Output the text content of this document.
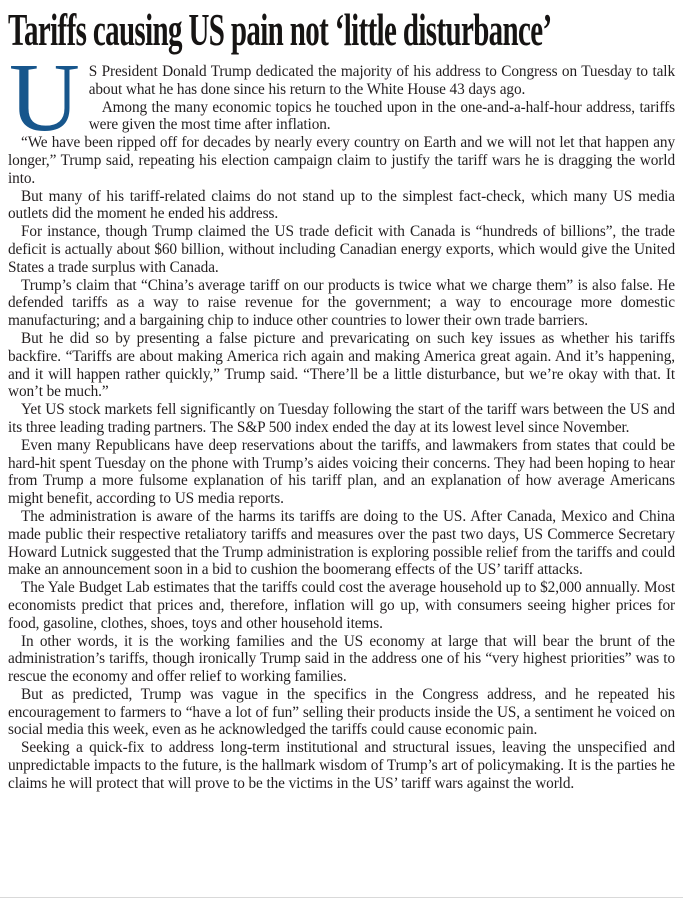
Tariffs causing US pain not ‘little disturbance’
U S President Donald Trump dedicated the majority of his address to Congress on Tuesday to talk about what he has done since his return to the White House 43 days ago.

Among the many economic topics he touched upon in the one-and-a-half-hour address, tariffs were given the most time after inflation.

“We have been ripped off for decades by nearly every country on Earth and we will not let that happen any longer,” Trump said, repeating his election campaign claim to justify the tariff wars he is dragging the world into.

But many of his tariff-related claims do not stand up to the simplest fact-check, which many US media outlets did the moment he ended his address.

For instance, though Trump claimed the US trade deficit with Canada is “hundreds of billions”, the trade deficit is actually about $60 billion, without including Canadian energy exports, which would give the United States a trade surplus with Canada.

Trump’s claim that “China’s average tariff on our products is twice what we charge them” is also false. He defended tariffs as a way to raise revenue for the government; a way to encourage more domestic manufacturing; and a bargaining chip to induce other countries to lower their own trade barriers.

But he did so by presenting a false picture and prevaricating on such key issues as whether his tariffs backfire. “Tariffs are about making America rich again and making America great again. And it’s happening, and it will happen rather quickly,” Trump said. “There’ll be a little disturbance, but we’re okay with that. It won’t be much.”

Yet US stock markets fell significantly on Tuesday following the start of the tariff wars between the US and its three leading trading partners. The S&P 500 index ended the day at its lowest level since November.

Even many Republicans have deep reservations about the tariffs, and lawmakers from states that could be hard-hit spent Tuesday on the phone with Trump’s aides voicing their concerns. They had been hoping to hear from Trump a more fulsome explanation of his tariff plan, and an explanation of how average Americans might benefit, according to US media reports.

The administration is aware of the harms its tariffs are doing to the US. After Canada, Mexico and China made public their respective retaliatory tariffs and measures over the past two days, US Commerce Secretary Howard Lutnick suggested that the Trump administration is exploring possible relief from the tariffs and could make an announcement soon in a bid to cushion the boomerang effects of the US’ tariff attacks.

The Yale Budget Lab estimates that the tariffs could cost the average household up to $2,000 annually. Most economists predict that prices and, therefore, inflation will go up, with consumers seeing higher prices for food, gasoline, clothes, shoes, toys and other household items.

In other words, it is the working families and the US economy at large that will bear the brunt of the administration’s tariffs, though ironically Trump said in the address one of his “very highest priorities” was to rescue the economy and offer relief to working families.

But as predicted, Trump was vague in the specifics in the Congress address, and he repeated his encouragement to farmers to “have a lot of fun” selling their products inside the US, a sentiment he voiced on social media this week, even as he acknowledged the tariffs could cause economic pain.

Seeking a quick-fix to address long-term institutional and structural issues, leaving the unspecified and unpredictable impacts to the future, is the hallmark wisdom of Trump’s art of policymaking. It is the parties he claims he will protect that will prove to be the victims in the US’ tariff wars against the world.
